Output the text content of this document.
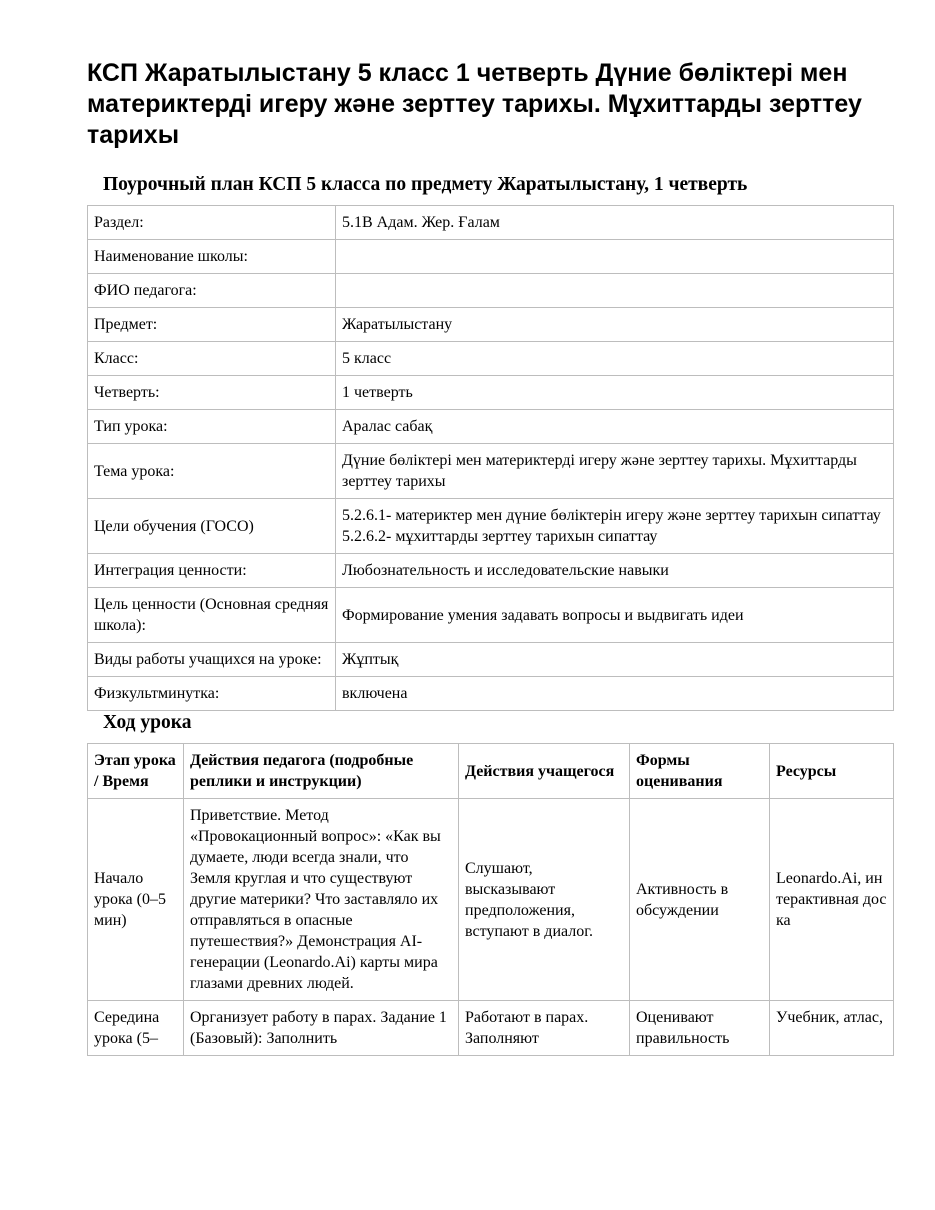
КСП Жаратылыстану 5 класс 1 четверть Дүние бөліктері мен материктерді игеру және зерттеу тарихы. Мұхиттарды зерттеу тарихы
Поурочный план КСП 5 класса по предмету Жаратылыстану, 1 четверть
Раздел:	5.1В Адам. Жер. Ғалам
Наименование школы:	
ФИО педагога:	
Предмет:	Жаратылыстану
Класс:	5 класс
Четверть:	1 четверть
Тип урока:	Аралас сабақ
Тема урока:	Дүние бөліктері мен материктерді игеру және зерттеу тарихы. Мұхиттарды зерттеу тарихы
Цели обучения (ГОСО)	5.2.6.1- материктер мен дүние бөліктерін игеру және зерттеу тарихын сипаттау 5.2.6.2- мұхиттарды зерттеу тарихын сипаттау
Интеграция ценности:	Любознательность и исследовательские навыки
Цель ценности (Основная средняя школа):	Формирование умения задавать вопросы и выдвигать идеи
Виды работы учащихся на уроке:	Жұптық
Физкультминутка:	включена
Ход урока
Этап урока / Время	Действия педагога (подробные реплики и инструкции)	Действия учащегося	Формы оценивания	Ресурсы
Начало урока (0–5 мин)	Приветствие. Метод «Провокационный вопрос»: «Как вы думаете, люди всегда знали, что Земля круглая и что существуют другие материки? Что заставляло их отправляться в опасные путешествия?» Демонстрация AI-генерации (Leonardo.Ai) карты мира глазами древних людей.	Слушают, высказывают предположения, вступают в диалог.	Активность в обсуждении	Leonardo.Ai, интерактивная доска
Середина урока (5–	Организует работу в парах. Задание 1 (Базовый): Заполнить	Работают в парах. Заполняют	Оценивают правильность	Учебник, атлас,
